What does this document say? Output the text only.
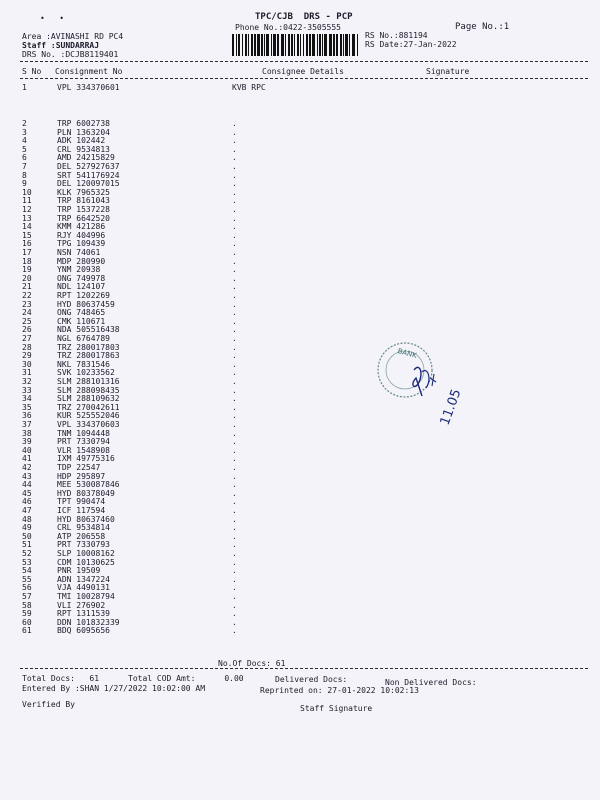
•   •	TPC/CJB  DRS - PCP
Phone No.:0422-3505555	Page No.:1
Area :AVINASHI RD PC4
Staff :SUNDARRAJ
DRS No. :DCJB8119401
RS No.:881194
RS Date:27-Jan-2022
S No Consignment No	Consignee Details	Signature
1	VPL 334370601	KVB RPC
2	TRP 6002738	.
3	PLN 1363204	.
4	ADK 102442	.
5	CRL 9534813	.
6	AMD 24215829	.
7	DEL 527927637	.
8	SRT 541176924	.
9	DEL 120097015	.
10	KLK 7965325	.
11	TRP 8161043	.
12	TRP 1537228	.
13	TRP 6642520	.
14	KMM 421286	.
15	RJY 404996	.
16	TPG 109439	.
17	NSN 74061	.
18	MDP 280990	.
19	YNM 20938	.
20	ONG 749978	.
21	NDL 124107	.
22	RPT 1202269	.
23	HYD 80637459	.
24	ONG 748465	.
25	CMK 110671	.
26	NDA 505516438	.
27	NGL 6764789	.
28	TRZ 280017803	.
29	TRZ 280017863	.
30	NKL 7831546	.
31	SVK 10233562	.
32	SLM 288101316	.
33	SLM 288098435	.
34	SLM 288109632	.
35	TRZ 270042611	.
36	KUR 525552046	.
37	VPL 334370603	.
38	TNM 1094448	.
39	PRT 7330794	.
40	VLR 1548908	.
41	IXM 49775316	.
42	TDP 22547	.
43	HDP 295897	.
44	MEE 530087846	.
45	HYD 80378049	.
46	TPT 990474	.
47	ICF 117594	.
48	HYD 80637460	.
49	CRL 9534814	.
50	ATP 206558	.
51	PRT 7330793	.
52	SLP 10008162	.
53	CDM 10130625	.
54	PNR 19509	.
55	ADN 1347224	.
56	VJA 4490131	.
57	TMI 10028794	.
58	VLI 276902	.
59	RPT 1311539	.
60	DDN 101832339	.
61	BDQ 6095656	.
No.Of Docs: 61
Total Docs:   61	Total COD Amt:      0.00	Delivered Docs:	Non Delivered Docs:
Entered By :SHAN 1/27/2022 10:02:00 AM	Reprinted on: 27-01-2022 10:02:13
Verified By	Staff Signature
BANK
11.05
